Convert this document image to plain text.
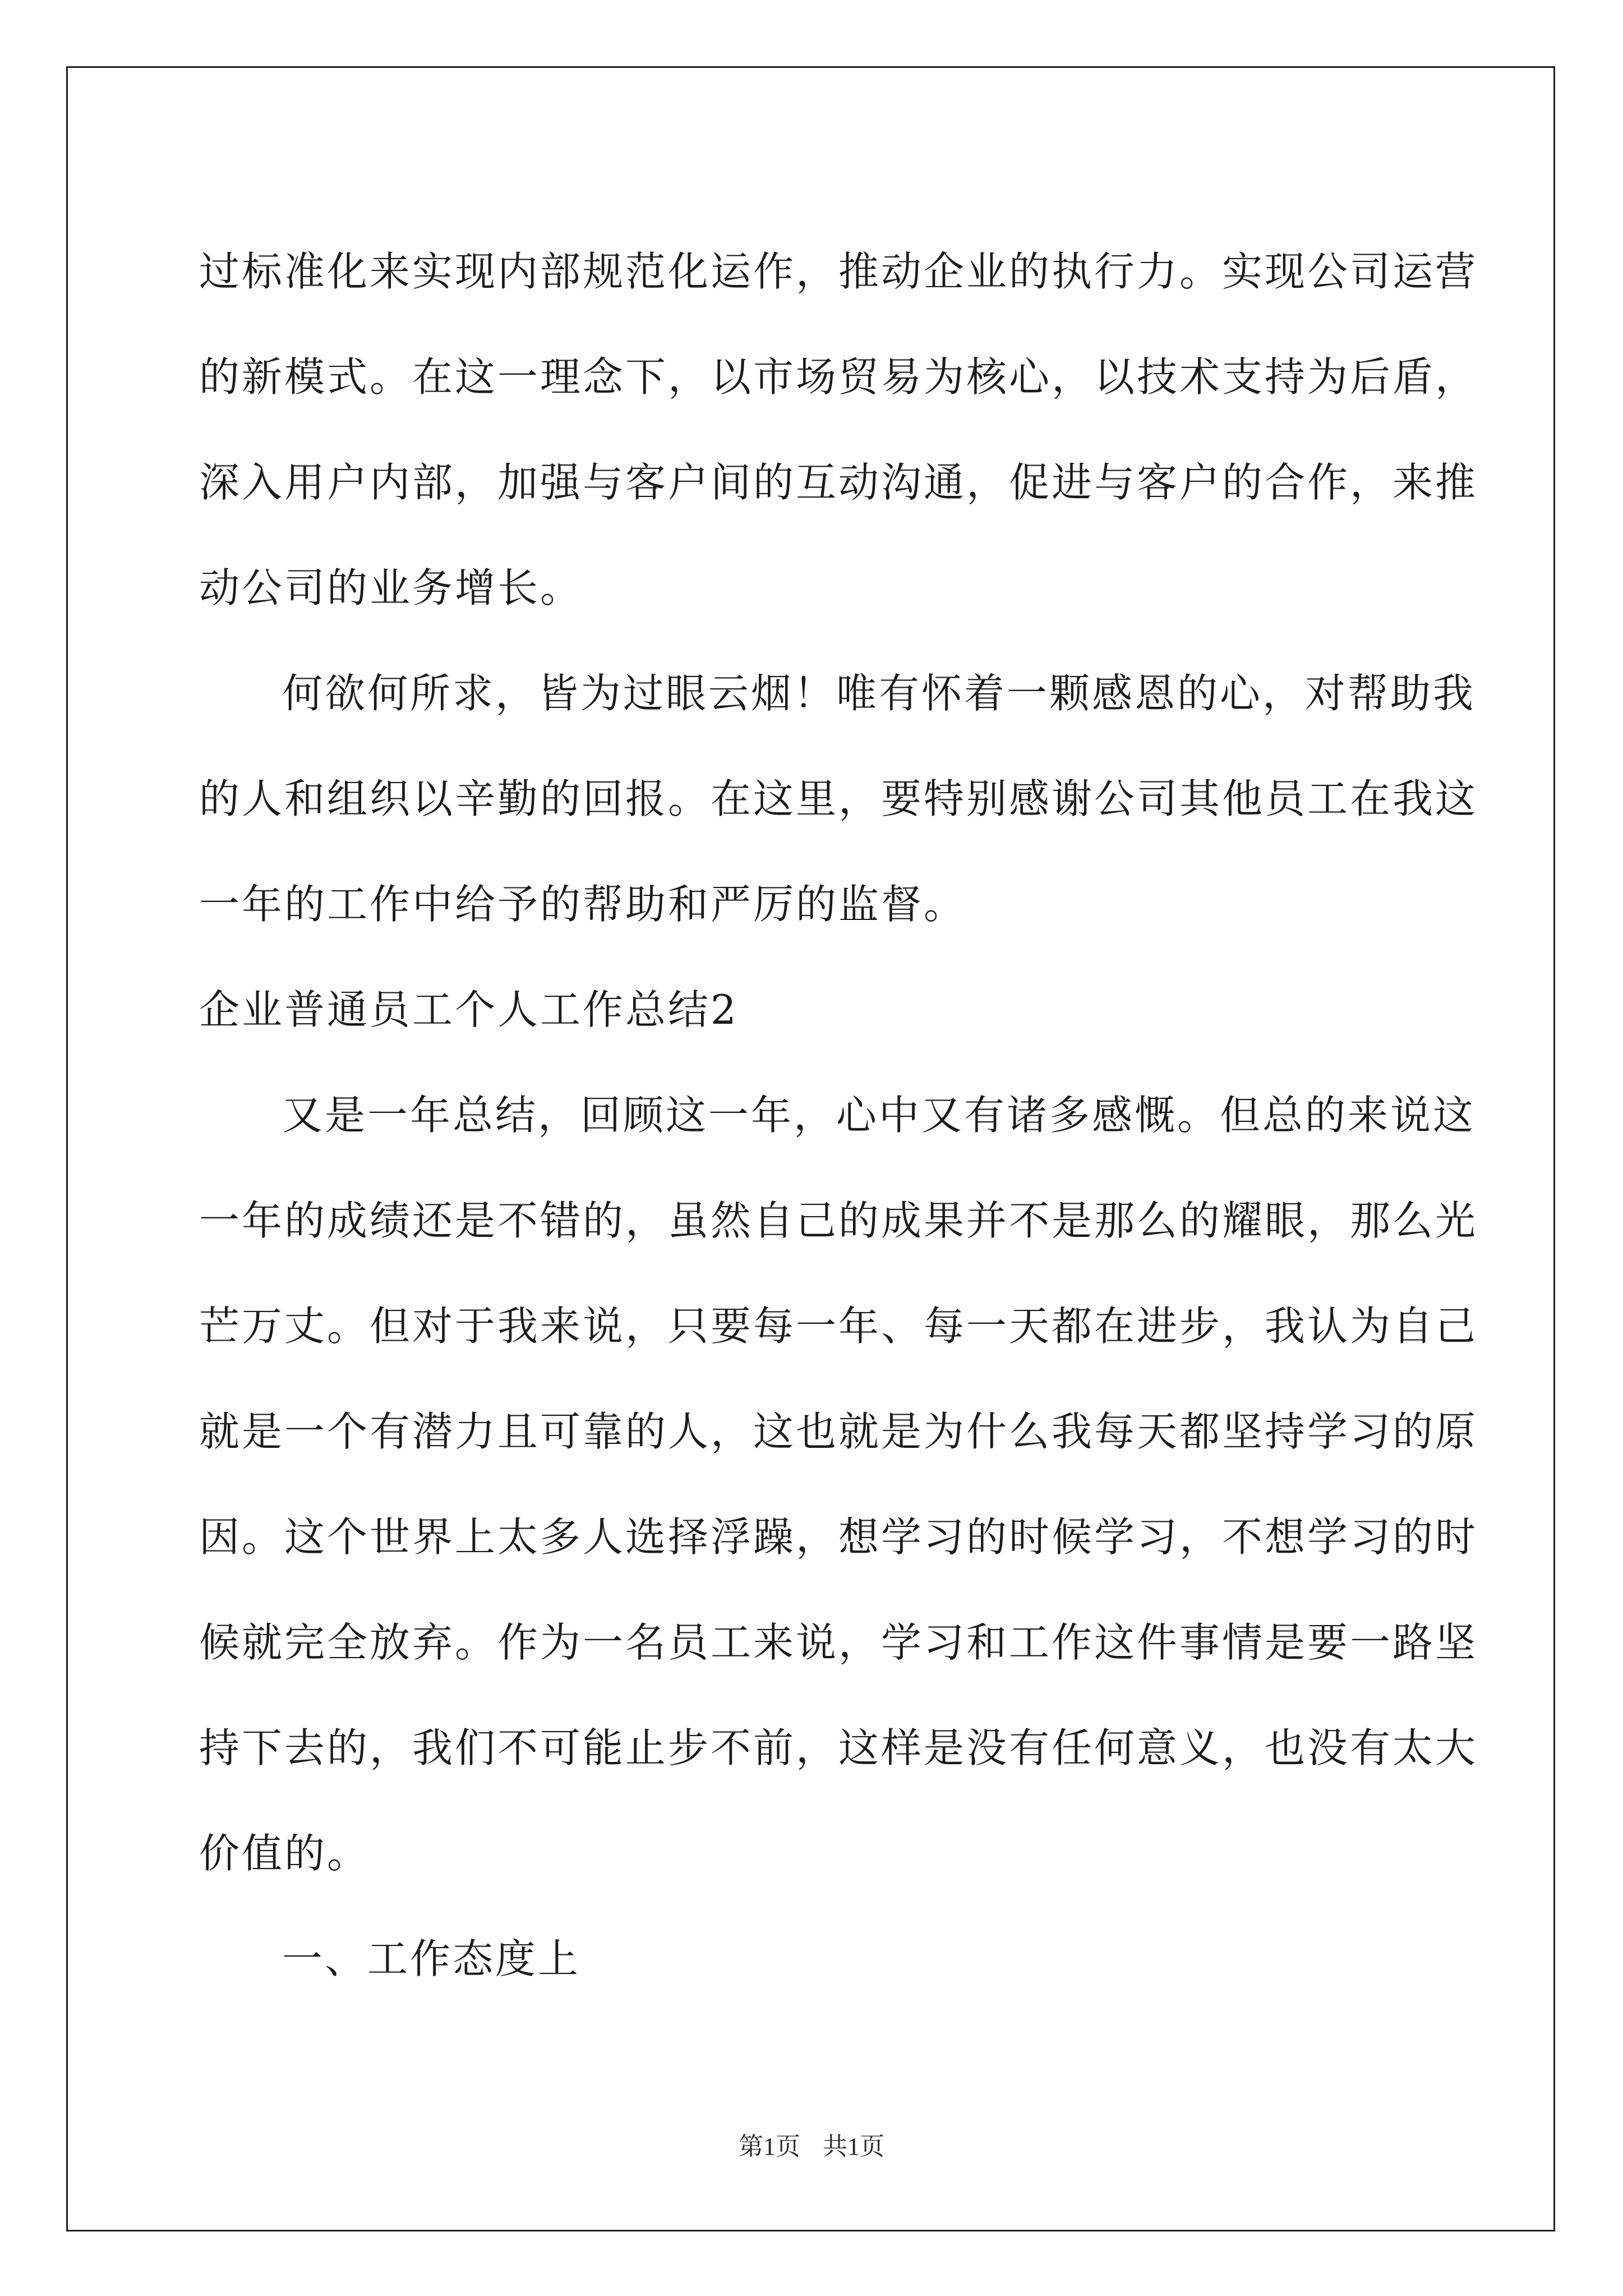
过标准化来实现内部规范化运作，推动企业的执行力。实现公司运营
的新模式。在这一理念下，以市场贸易为核心，以技术支持为后盾，
深入用户内部，加强与客户间的互动沟通，促进与客户的合作，来推
动公司的业务增长。
何欲何所求，皆为过眼云烟！唯有怀着一颗感恩的心，对帮助我
的人和组织以辛勤的回报。在这里，要特别感谢公司其他员工在我这
一年的工作中给予的帮助和严厉的监督。
企业普通员工个人工作总结2
又是一年总结，回顾这一年，心中又有诸多感慨。但总的来说这
一年的成绩还是不错的，虽然自己的成果并不是那么的耀眼，那么光
芒万丈。但对于我来说，只要每一年、每一天都在进步，我认为自己
就是一个有潜力且可靠的人，这也就是为什么我每天都坚持学习的原
因。这个世界上太多人选择浮躁，想学习的时候学习，不想学习的时
候就完全放弃。作为一名员工来说，学习和工作这件事情是要一路坚
持下去的，我们不可能止步不前，这样是没有任何意义，也没有太大
价值的。
一、工作态度上
第1页 共1页
